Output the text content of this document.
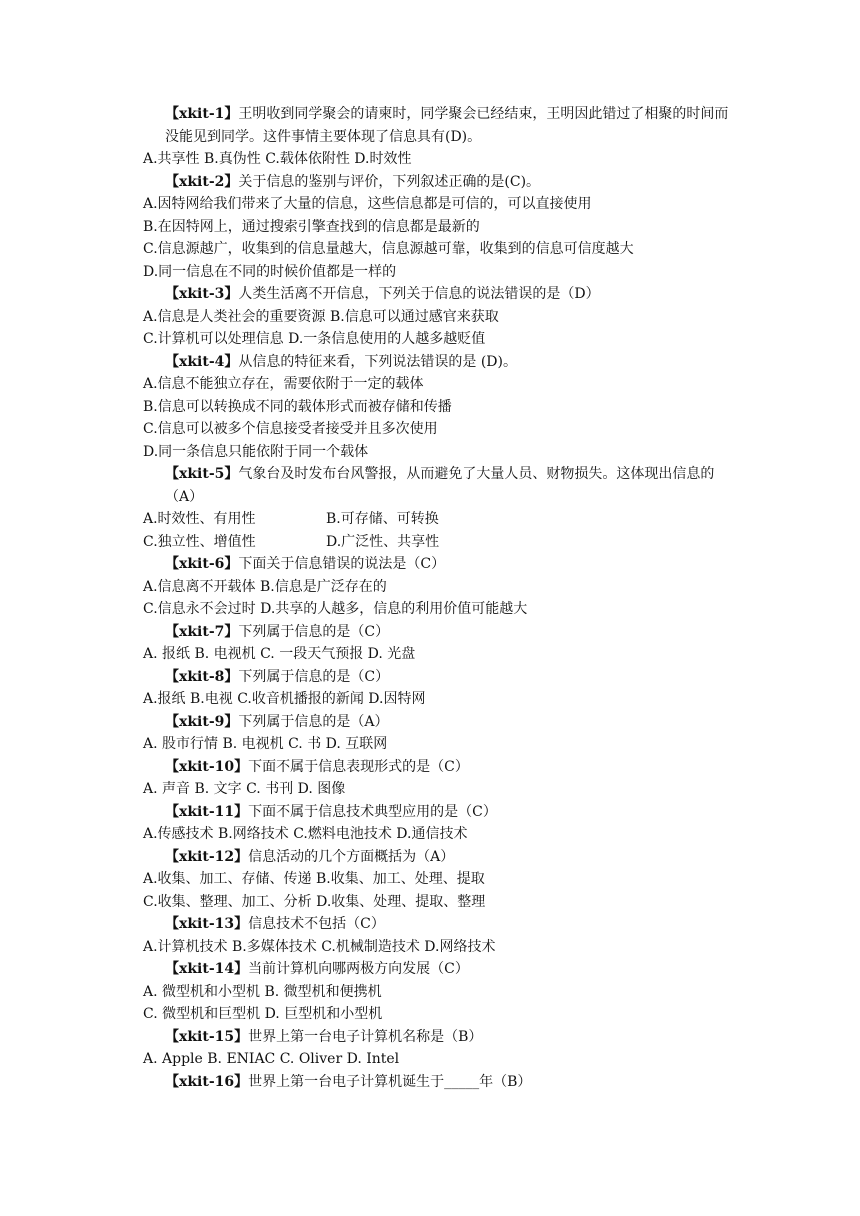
【xkit-1】王明收到同学聚会的请柬时，同学聚会已经结束，王明因此错过了相聚的时间而没能见到同学。这件事情主要体现了信息具有(D)。
A.共享性 B.真伪性 C.载体依附性 D.时效性
【xkit-2】关于信息的鉴别与评价，下列叙述正确的是(C)。
A.因特网给我们带来了大量的信息，这些信息都是可信的，可以直接使用
B.在因特网上，通过搜索引擎查找到的信息都是最新的
C.信息源越广，收集到的信息量越大，信息源越可靠，收集到的信息可信度越大
D.同一信息在不同的时候价值都是一样的
【xkit-3】人类生活离不开信息，下列关于信息的说法错误的是（D）
A.信息是人类社会的重要资源 B.信息可以通过感官来获取
C.计算机可以处理信息 D.一条信息使用的人越多越贬值
【xkit-4】从信息的特征来看，下列说法错误的是 (D)。
A.信息不能独立存在，需要依附于一定的载体
B.信息可以转换成不同的载体形式而被存储和传播
C.信息可以被多个信息接受者接受并且多次使用
D.同一条信息只能依附于同一个载体
【xkit-5】气象台及时发布台风警报，从而避免了大量人员、财物损失。这体现出信息的（A）
A.时效性、有用性	B.可存储、可转换
C.独立性、增值性	D.广泛性、共享性
【xkit-6】下面关于信息错误的说法是（C）
A.信息离不开载体 B.信息是广泛存在的
C.信息永不会过时 D.共享的人越多，信息的利用价值可能越大
【xkit-7】下列属于信息的是（C）
A. 报纸 B. 电视机 C. 一段天气预报 D. 光盘
【xkit-8】下列属于信息的是（C）
A.报纸 B.电视 C.收音机播报的新闻 D.因特网
【xkit-9】下列属于信息的是（A）
A. 股市行情 B. 电视机 C. 书 D. 互联网
【xkit-10】下面不属于信息表现形式的是（C）
A. 声音 B. 文字 C. 书刊 D. 图像
【xkit-11】下面不属于信息技术典型应用的是（C）
A.传感技术 B.网络技术 C.燃料电池技术 D.通信技术
【xkit-12】信息活动的几个方面概括为（A）
A.收集、加工、存储、传递 B.收集、加工、处理、提取
C.收集、整理、加工、分析 D.收集、处理、提取、整理
【xkit-13】信息技术不包括（C）
A.计算机技术 B.多媒体技术 C.机械制造技术 D.网络技术
【xkit-14】当前计算机向哪两极方向发展（C）
A. 微型机和小型机 B. 微型机和便携机
C. 微型机和巨型机 D. 巨型机和小型机
【xkit-15】世界上第一台电子计算机名称是（B）
A. Apple B. ENIAC C. Oliver D. Intel
【xkit-16】世界上第一台电子计算机诞生于_____年（B）
